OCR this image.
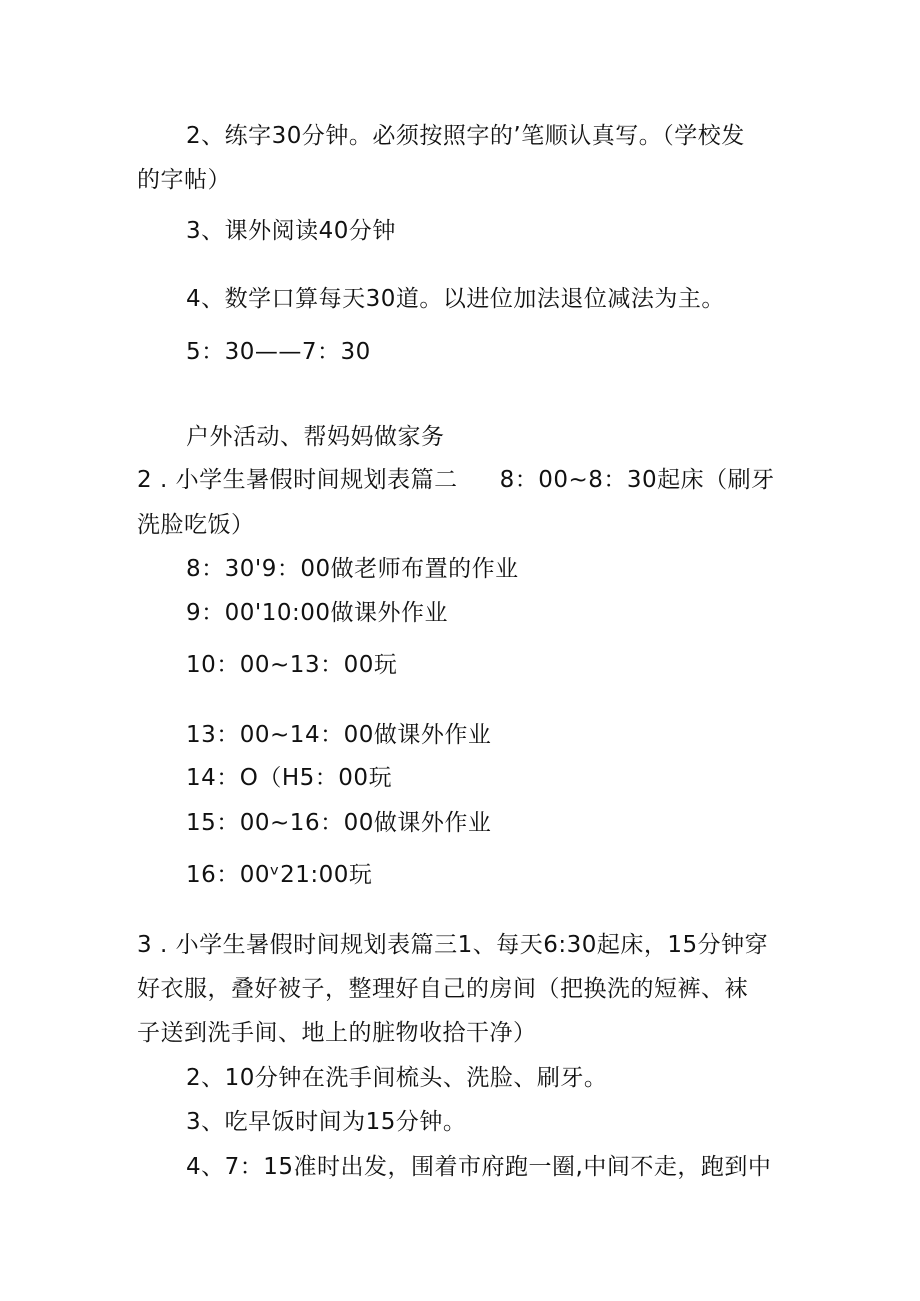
2、练字30分钟。必须按照字的’笔顺认真写。（学校发
的字帖）
3、课外阅读40分钟
4、数学口算每天30道。以进位加法退位减法为主。
5：30——7：30
户外活动、帮妈妈做家务
2 . 小学生暑假时间规划表篇二 8：00~8：30起床（刷牙
洗脸吃饭）
8：30'9：00做老师布置的作业
9：00'10:00做课外作业
10：00~13：00玩
13：00~14：00做课外作业
14：O（H5：00玩
15：00~16：00做课外作业
16：00ᵛ21:00玩
3 . 小学生暑假时间规划表篇三1、每天6:30起床，15分钟穿
好衣服，叠好被子，整理好自己的房间（把换洗的短裤、袜
子送到洗手间、地上的脏物收拾干净）
2、10分钟在洗手间梳头、洗脸、刷牙。
3、吃早饭时间为15分钟。
4、7：15准时出发，围着市府跑一圈,中间不走，跑到中
